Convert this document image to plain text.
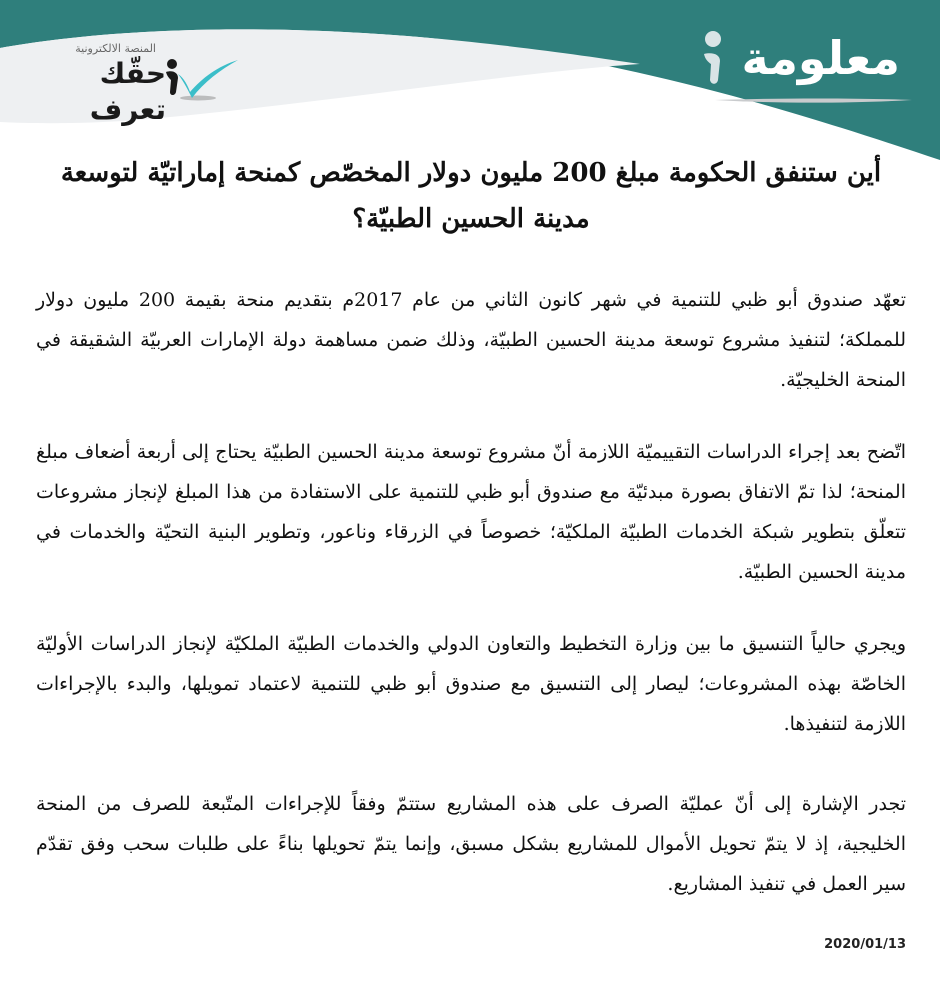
معلومة
المنصة الالكترونية
حقّك تعرف
أين ستنفق الحكومة مبلغ 200 مليون دولار المخصّص كمنحة إماراتيّة لتوسعة مدينة الحسين الطبيّة؟

تعهّد صندوق أبو ظبي للتنمية في شهر كانون الثاني من عام 2017م بتقديم منحة بقيمة 200 مليون دولار للمملكة؛ لتنفيذ مشروع توسعة مدينة الحسين الطبيّة، وذلك ضمن مساهمة دولة الإمارات العربيّة الشقيقة في المنحة الخليجيّة.

اتّضح بعد إجراء الدراسات التقييميّة اللازمة أنّ مشروع توسعة مدينة الحسين الطبيّة يحتاج إلى أربعة أضعاف مبلغ المنحة؛ لذا تمّ الاتفاق بصورة مبدئيّة مع صندوق أبو ظبي للتنمية على الاستفادة من هذا المبلغ لإنجاز مشروعات تتعلّق بتطوير شبكة الخدمات الطبيّة الملكيّة؛ خصوصاً في الزرقاء وناعور، وتطوير البنية التحيّة والخدمات في مدينة الحسين الطبيّة.

ويجري حالياً التنسيق ما بين وزارة التخطيط والتعاون الدولي والخدمات الطبيّة الملكيّة لإنجاز الدراسات الأوليّة الخاصّة بهذه المشروعات؛ ليصار إلى التنسيق مع صندوق أبو ظبي للتنمية لاعتماد تمويلها، والبدء بالإجراءات اللازمة لتنفيذها.

تجدر الإشارة إلى أنّ عمليّة الصرف على هذه المشاريع ستتمّ وفقاً للإجراءات المتّبعة للصرف من المنحة الخليجية، إذ لا يتمّ تحويل الأموال للمشاريع بشكل مسبق، وإنما يتمّ تحويلها بناءً على طلبات سحب وفق تقدّم سير العمل في تنفيذ المشاريع.

2020/01/13
